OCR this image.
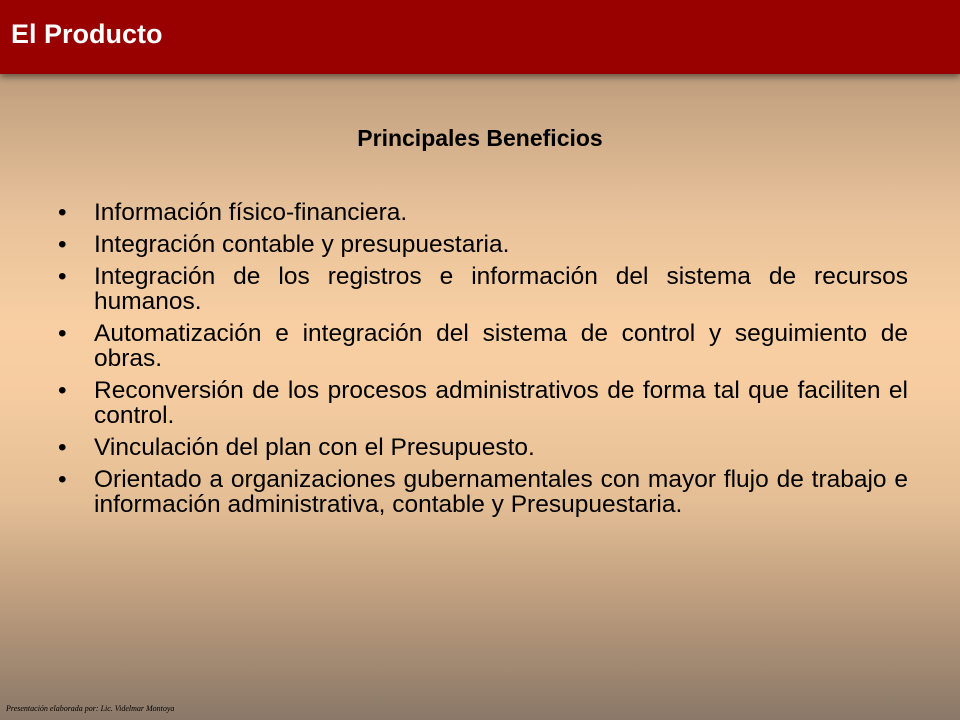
El Producto
Principales Beneficios
•	Información físico-financiera.
•	Integración contable y presupuestaria.
•	Integración de los registros e información del sistema de recursos humanos.
•	Automatización e integración del sistema de control y seguimiento de obras.
•	Reconversión de los procesos administrativos de forma tal que faciliten el control.
•	Vinculación del plan con el Presupuesto.
•	Orientado a organizaciones gubernamentales con mayor flujo de trabajo e información administrativa, contable y Presupuestaria.
Presentación elaborada por: Lic. Videlmar Montoya
